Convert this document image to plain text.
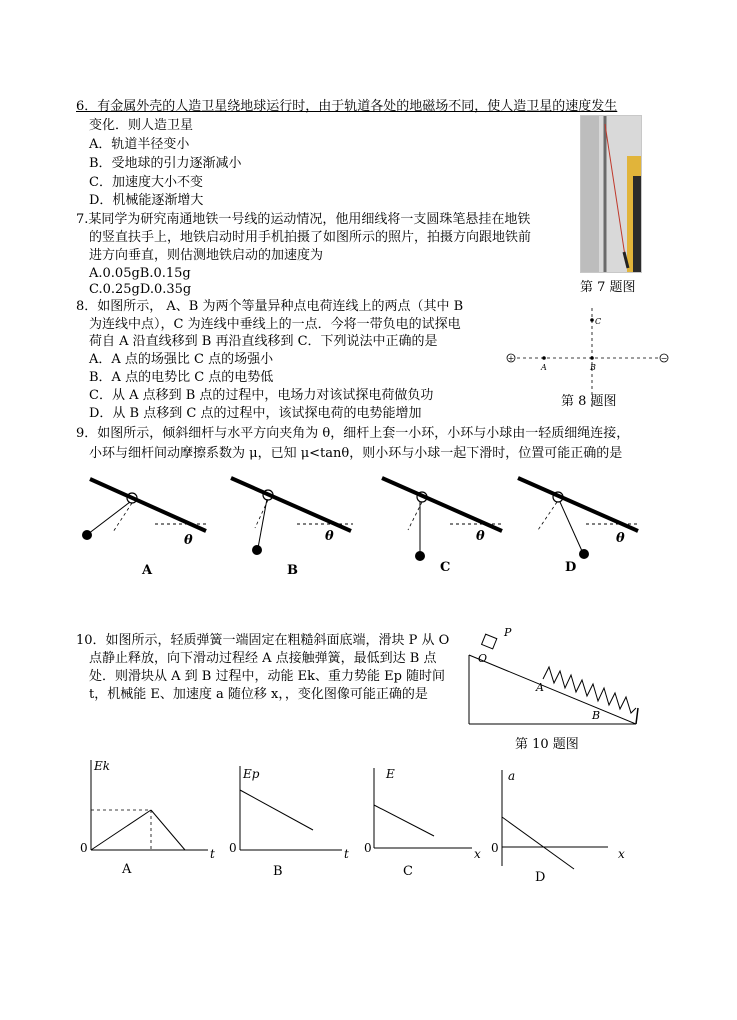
6．有金属外壳的人造卫星绕地球运行时，由于轨道各处的地磁场不同，使人造卫星的速度发生
变化．则人造卫星
A．轨道半径变小
B．受地球的引力逐渐减小
C．加速度大小不变
D．机械能逐渐增大
第 7 题图
7.某同学为研究南通地铁一号线的运动情况，他用细线将一支圆珠笔悬挂在地铁
的竖直扶手上，地铁启动时用手机拍摄了如图所示的照片，拍摄方向跟地铁前
进方向垂直，则估测地铁启动的加速度为
A.0.05gB.0.15g
C.0.25gD.0.35g
8．如图所示， A、B 为两个等量异种点电荷连线上的两点（其中 B
为连线中点），C 为连线中垂线上的一点．今将一带负电的试探电
荷自 A 沿直线移到 B 再沿直线移到 C．下列说法中正确的是
A．A 点的场强比 C 点的场强小
B．A 点的电势比 C 点的电势低
C．从 A 点移到 B 点的过程中，电场力对该试探电荷做负功
D．从 B 点移到 C 点的过程中，该试探电荷的电势能增加
+	−
A	B
C
第 8 题图
9．如图所示，倾斜细杆与水平方向夹角为 θ，细杆上套一小环，小环与小球由一轻质细绳连接，
小环与细杆间动摩擦系数为 μ，已知 μ<tanθ，则小环与小球一起下滑时，位置可能正确的是
θ
A
θ
B
θ
C
θ
D
10．如图所示，轻质弹簧一端固定在粗糙斜面底端，滑块 P 从 O
点静止释放，向下滑动过程经 A 点接触弹簧，最低到达 B 点
处．则滑块从 A 到 B 过程中，动能 Ek、重力势能 Ep 随时间
t，机械能 E、加速度 a 随位移 x，，变化图像可能正确的是
P
O
A
B
第 10 题图
Ek
t
0
A
Ep
t
0
B
E
x
0
C
a
x
0
D
